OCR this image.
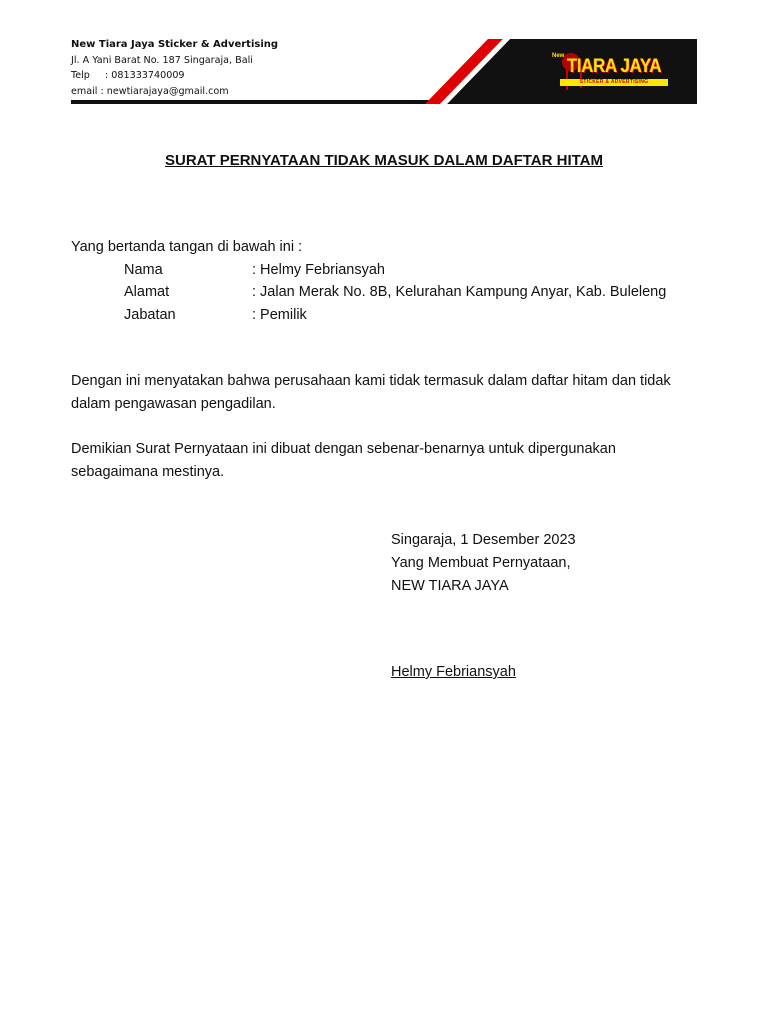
New Tiara Jaya Sticker & Advertising
Jl. A Yani Barat No. 187 Singaraja, Bali
Telp : 081333740009
email : newtiarajaya@gmail.com
New TIARA JAYA
STICKER & ADVERTISING
SURAT PERNYATAAN TIDAK MASUK DALAM DAFTAR HITAM
Yang bertanda tangan di bawah ini :
Nama	: Helmy Febriansyah
Alamat	: Jalan Merak No. 8B, Kelurahan Kampung Anyar, Kab. Buleleng
Jabatan	: Pemilik
Dengan ini menyatakan bahwa perusahaan kami tidak termasuk dalam daftar hitam dan tidak dalam pengawasan pengadilan.
Demikian Surat Pernyataan ini dibuat dengan sebenar-benarnya untuk dipergunakan sebagaimana mestinya.
Singaraja, 1 Desember 2023
Yang Membuat Pernyataan,
NEW TIARA JAYA
Helmy Febriansyah
